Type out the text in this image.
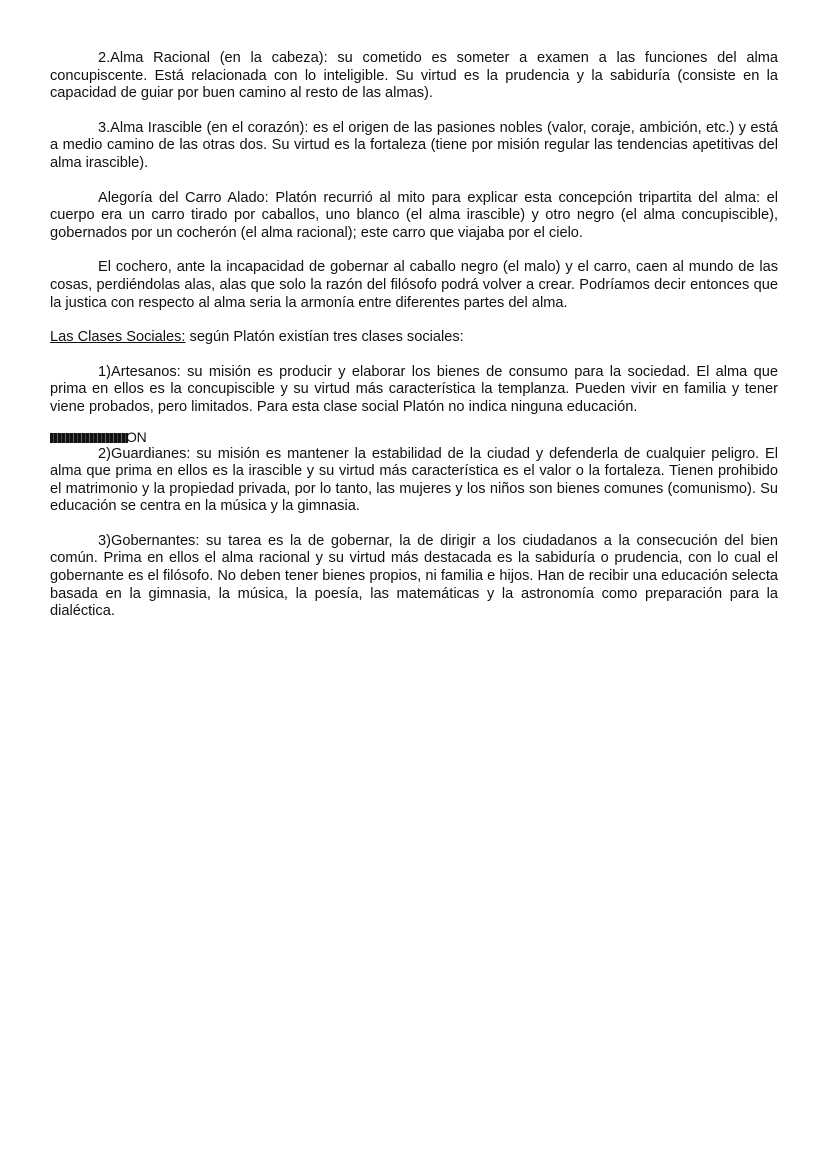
2.Alma Racional (en la cabeza): su cometido es someter a examen a las funciones del alma concupiscente. Está relacionada con lo inteligible. Su virtud es la prudencia y la sabiduría (consiste en la capacidad de guiar por buen camino al resto de las almas).

3.Alma Irascible (en el corazón): es el origen de las pasiones nobles (valor, coraje, ambición, etc.) y está a medio camino de las otras dos. Su virtud es la fortaleza (tiene por misión regular las tendencias apetitivas del alma irascible).

Alegoría del Carro Alado: Platón recurrió al mito para explicar esta concepción tripartita del alma: el cuerpo era un carro tirado por caballos, uno blanco (el alma irascible) y otro negro (el alma concupiscible), gobernados por un cocherón (el alma racional); este carro que viajaba por el cielo.

El cochero, ante la incapacidad de gobernar al caballo negro (el malo) y el carro, caen al mundo de las cosas, perdiéndolas alas, alas que solo la razón del filósofo podrá volver a crear. Podríamos decir entonces que la justica con respecto al alma seria la armonía entre diferentes partes del alma.

Las Clases Sociales: según Platón existían tres clases sociales:

1)Artesanos: su misión es producir y elaborar los bienes de consumo para la sociedad. El alma que prima en ellos es la concupiscible y su virtud más característica la templanza. Pueden vivir en familia y tener viene probados, pero limitados. Para esta clase social Platón no indica ninguna educación.

ON

2)Guardianes: su misión es mantener la estabilidad de la ciudad y defenderla de cualquier peligro. El alma que prima en ellos es la irascible y su virtud más característica es el valor o la fortaleza. Tienen prohibido el matrimonio y la propiedad privada, por lo tanto, las mujeres y los niños son bienes comunes (comunismo). Su educación se centra en la música y la gimnasia.

3)Gobernantes: su tarea es la de gobernar, la de dirigir a los ciudadanos a la consecución del bien común. Prima en ellos el alma racional y su virtud más destacada es la sabiduría o prudencia, con lo cual el gobernante es el filósofo. No deben tener bienes propios, ni familia e hijos. Han de recibir una educación selecta basada en la gimnasia, la música, la poesía, las matemáticas y la astronomía como preparación para la dialéctica.
